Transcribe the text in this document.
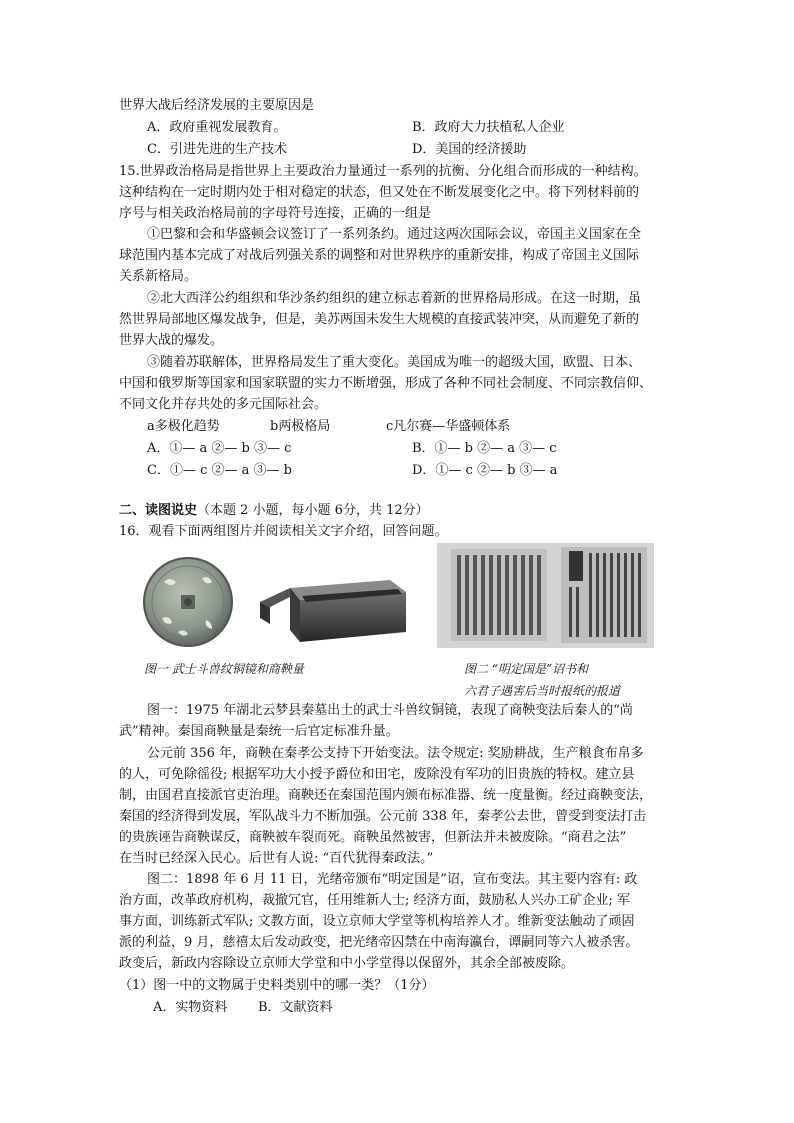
世界大战后经济发展的主要原因是
A．政府重视发展教育。	B．政府大力扶植私人企业
C．引进先进的生产技术	D．美国的经济援助
15.世界政治格局是指世界上主要政治力量通过一系列的抗衡、分化组合而形成的一种结构。
这种结构在一定时期内处于相对稳定的状态，但又处在不断发展变化之中。将下列材料前的
序号与相关政治格局前的字母符号连接，正确的一组是
①巴黎和会和华盛顿会议签订了一系列条约。通过这两次国际会议，帝国主义国家在全
球范围内基本完成了对战后列强关系的调整和对世界秩序的重新安排，构成了帝国主义国际
关系新格局。
②北大西洋公约组织和华沙条约组织的建立标志着新的世界格局形成。在这一时期，虽
然世界局部地区爆发战争，但是，美苏两国未发生大规模的直接武装冲突，从而避免了新的
世界大战的爆发。
③随着苏联解体，世界格局发生了重大变化。美国成为唯一的超级大国，欧盟、日本、
中国和俄罗斯等国家和国家联盟的实力不断增强，形成了各种不同社会制度、不同宗教信仰、
不同文化并存共处的多元国际社会。
a多极化趋势	b两极格局	c凡尔赛—华盛顿体系
A．①— a ②— b ③— c	B．①— b ②— a ③— c
C．①— c ②— a ③— b	D．①— c ②— b ③— a
二、读图说史（本题 2 小题，每小题 6分，共 12分）
16．观看下面两组图片并阅读相关文字介绍，回答问题。
图一 武士斗兽纹铜镜和商鞅量	图二 “明定国是”诏书和
六君子遇害后当时报纸的报道
图一：1975 年湖北云梦县秦墓出土的武士斗兽纹铜镜，表现了商鞅变法后秦人的“尚
武”精神。秦国商鞅量是秦统一后官定标准升量。
公元前 356 年，商鞅在秦孝公支持下开始变法。法令规定: 奖励耕战，生产粮食布帛多
的人，可免除徭役; 根据军功大小授予爵位和田宅，废除没有军功的旧贵族的特权。建立县
制，由国君直接派官吏治理。商鞅还在秦国范围内颁布标准器、统一度量衡。经过商鞅变法，
秦国的经济得到发展，军队战斗力不断加强。公元前 338 年，秦孝公去世，曾受到变法打击
的贵族诬告商鞅谋反，商鞅被车裂而死。商鞅虽然被害，但新法并未被废除。“商君之法”
在当时已经深入民心。后世有人说: “百代犹得秦政法。”
图二：1898 年 6 月 11 日，光绪帝颁布“明定国是”诏，宣布变法。其主要内容有: 政
治方面，改革政府机构，裁撤冗官，任用维新人士; 经济方面，鼓励私人兴办工矿企业; 军
事方面，训练新式军队; 文教方面，设立京师大学堂等机构培养人才。维新变法触动了顽固
派的利益，9 月，慈禧太后发动政变，把光绪帝囚禁在中南海瀛台，谭嗣同等六人被杀害。
政变后，新政内容除设立京师大学堂和中小学堂得以保留外，其余全部被废除。
（1）图一中的文物属于史料类别中的哪一类？（1分）
A．实物资料 B．文献资料
